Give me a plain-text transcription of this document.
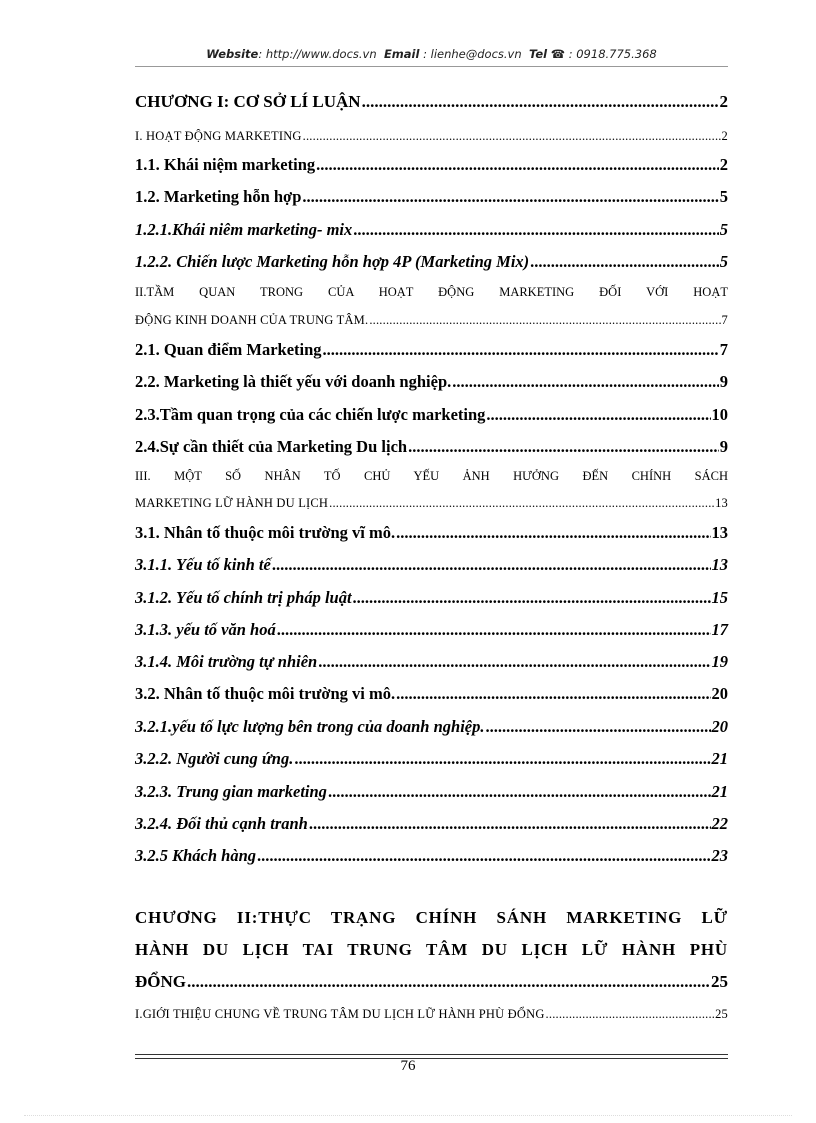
Website: http://www.docs.vn Email : lienhe@docs.vn Tel ☎ : 0918.775.368
CHƯƠNG I: CƠ SỞ LÍ LUẬN .....	2
I. HOẠT ĐỘNG MARKETING .....	2
1.1. Khái niệm marketing .....	2
1.2. Marketing hỗn hợp .....	5
1.2.1.Khái niêm marketing- mix .....	5
1.2.2. Chiến lược Marketing hỗn hợp 4P (Marketing Mix) .....	5
II.TẦM QUAN TRONG CỦA HOẠT ĐỘNG MARKETING ĐỐI VỚI HOẠT
ĐỘNG KINH DOANH CỦA TRUNG TÂM. .....	7
2.1. Quan điểm Marketing .....	7
2.2. Marketing là thiết yếu với doanh nghiệp. .....	9
2.3.Tầm quan trọng của các chiến lược marketing .....	10
2.4.Sự cần thiết của Marketing Du lịch .....	9
III. MỘT SỐ NHÂN TỐ CHỦ YẾU ẢNH HƯỞNG ĐẾN CHÍNH SÁCH
MARKETING LỮ HÀNH DU LỊCH .....	13
3.1. Nhân tố thuộc môi trường vĩ mô. .....	13
3.1.1. Yếu tố kinh tế .....	13
3.1.2. Yếu tố chính trị pháp luật .....	15
3.1.3. yếu tố văn hoá .....	17
3.1.4. Môi trường tự nhiên .....	19
3.2. Nhân tố thuộc môi trường vi mô. .....	20
3.2.1.yếu tố lực lượng bên trong của doanh nghiệp. .....	20
3.2.2. Người cung ứng. .....	21
3.2.3. Trung gian marketing .....	21
3.2.4. Đối thủ cạnh tranh .....	22
3.2.5 Khách hàng .....	23
CHƯƠNG II:THỰC TRẠNG CHÍNH SÁNH MARKETING LỮ
HÀNH DU LỊCH TAI TRUNG TÂM DU LỊCH LỮ HÀNH PHÙ
ĐỔNG .....	25
I.GIỚI THIỆU CHUNG VỀ TRUNG TÂM DU LỊCH LỮ HÀNH PHÙ ĐỔNG .....	25
76
